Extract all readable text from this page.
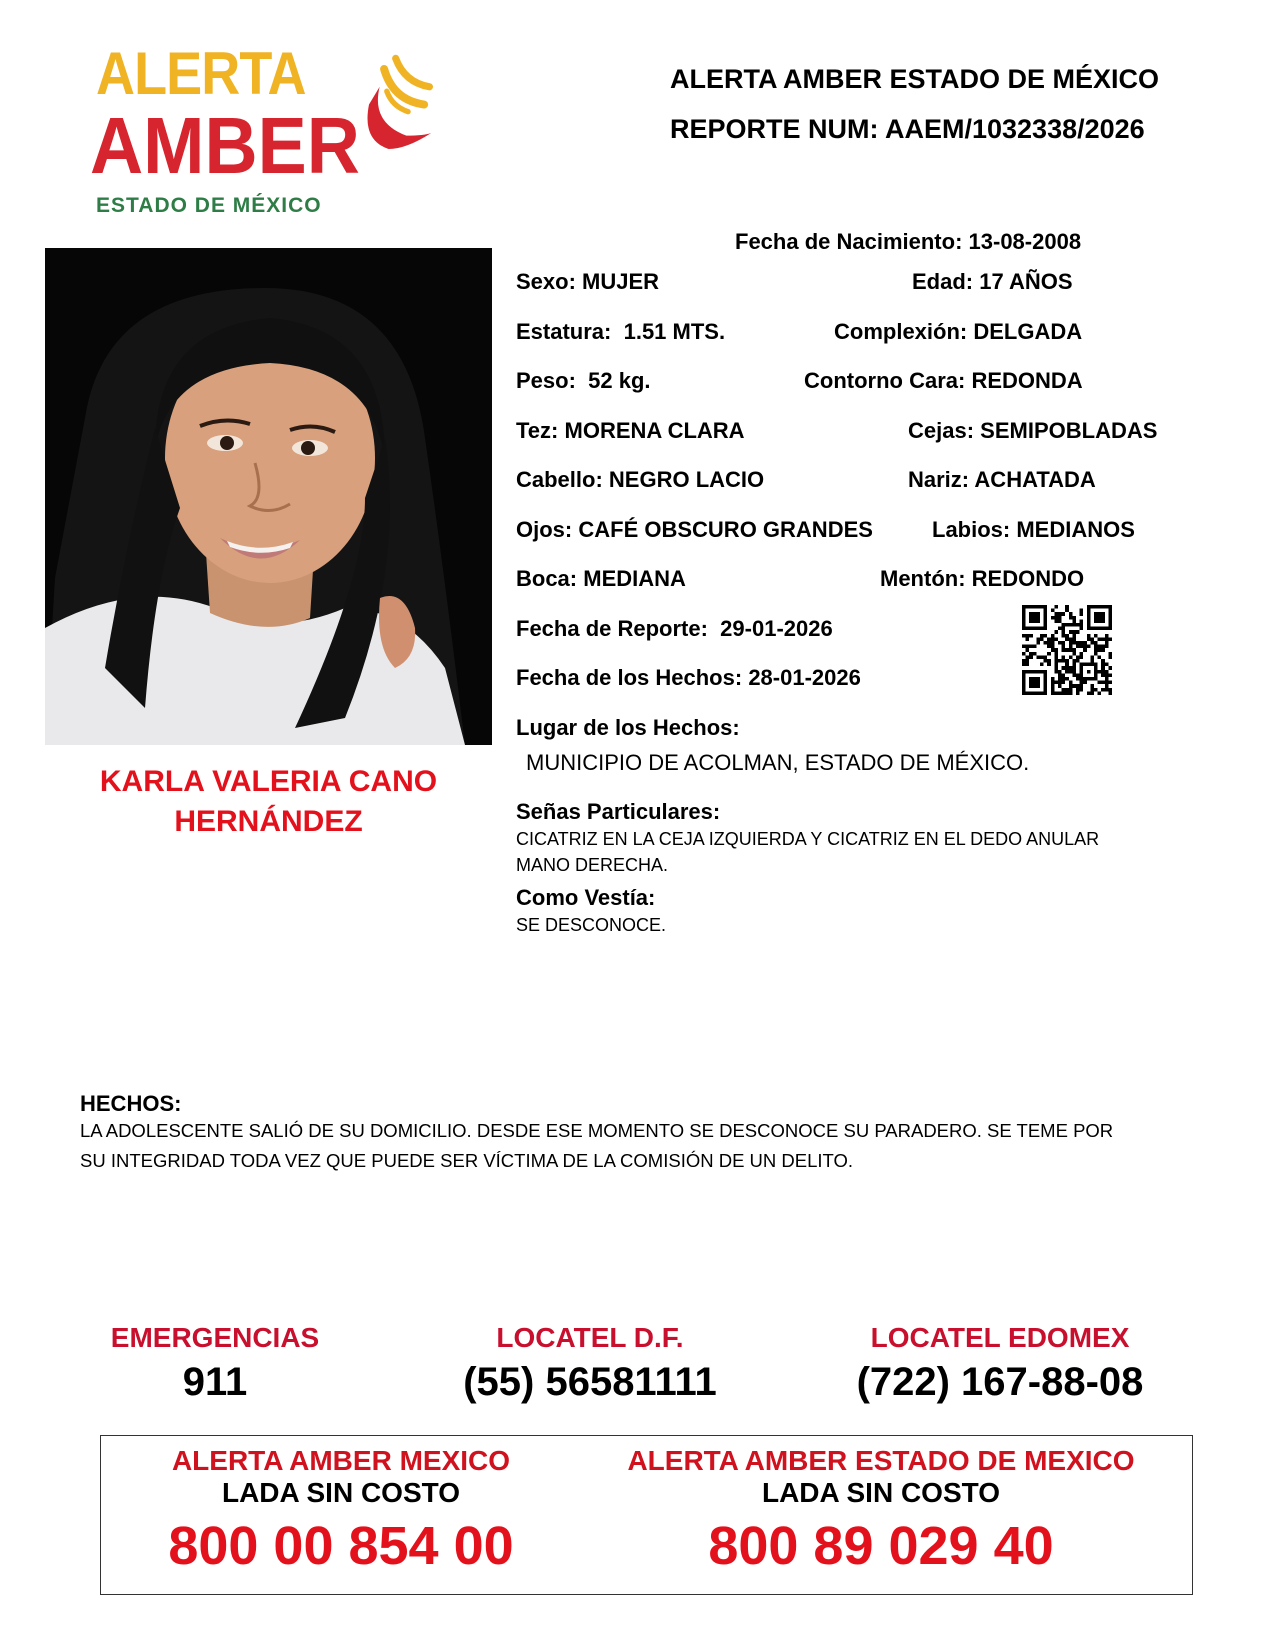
ALERTA
AMBER
ESTADO DE MÉXICO
ALERTA AMBER ESTADO DE MÉXICO
REPORTE NUM: AAEM/1032338/2026
KARLA VALERIA CANO
HERNÁNDEZ
Fecha de Nacimiento: 13-08-2008
Sexo: MUJER	Edad: 17 AÑOS
Estatura: 1.51 MTS.	Complexión: DELGADA
Peso: 52 kg.	Contorno Cara: REDONDA
Tez: MORENA CLARA	Cejas: SEMIPOBLADAS
Cabello: NEGRO LACIO	Nariz: ACHATADA
Ojos: CAFÉ OBSCURO GRANDES	Labios: MEDIANOS
Boca: MEDIANA	Mentón: REDONDO
Fecha de Reporte: 29-01-2026
Fecha de los Hechos: 28-01-2026
Lugar de los Hechos:
MUNICIPIO DE ACOLMAN, ESTADO DE MÉXICO.
Señas Particulares:
CICATRIZ EN LA CEJA IZQUIERDA Y CICATRIZ EN EL DEDO ANULAR
MANO DERECHA.
Como Vestía:
SE DESCONOCE.
HECHOS:
LA ADOLESCENTE SALIÓ DE SU DOMICILIO. DESDE ESE MOMENTO SE DESCONOCE SU PARADERO. SE TEME POR
SU INTEGRIDAD TODA VEZ QUE PUEDE SER VÍCTIMA DE LA COMISIÓN DE UN DELITO.
EMERGENCIAS
911
LOCATEL D.F.
(55) 56581111
LOCATEL EDOMEX
(722) 167-88-08
ALERTA AMBER MEXICO
LADA SIN COSTO
800 00 854 00
ALERTA AMBER ESTADO DE MEXICO
LADA SIN COSTO
800 89 029 40
